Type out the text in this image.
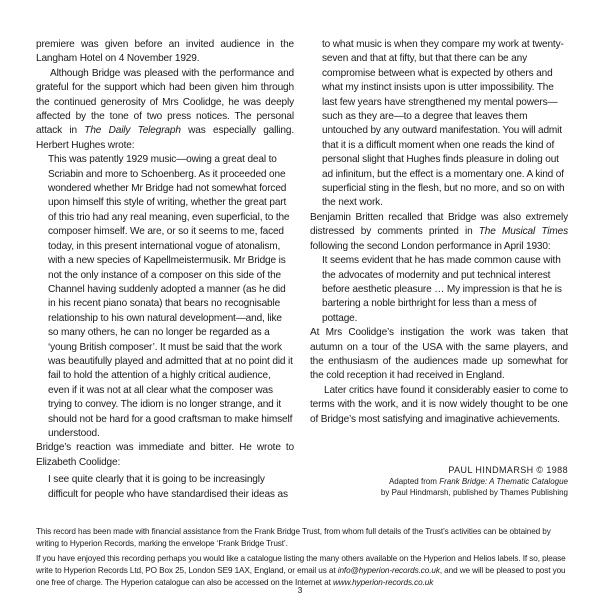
premiere was given before an invited audience in the Langham Hotel on 4 November 1929.

Although Bridge was pleased with the performance and grateful for the support which had been given him through the continued generosity of Mrs Coolidge, he was deeply affected by the tone of two press notices. The personal attack in The Daily Telegraph was especially galling. Herbert Hughes wrote:

This was patently 1929 music—owing a great deal to Scriabin and more to Schoenberg. As it proceeded one wondered whether Mr Bridge had not somewhat forced upon himself this style of writing, whether the great part of this trio had any real meaning, even superficial, to the composer himself. We are, or so it seems to me, faced today, in this present international vogue of atonalism, with a new species of Kapellmeistermusik. Mr Bridge is not the only instance of a composer on this side of the Channel having suddenly adopted a manner (as he did in his recent piano sonata) that bears no recognisable relationship to his own natural development—and, like so many others, he can no longer be regarded as a ‘young British composer’. It must be said that the work was beautifully played and admitted that at no point did it fail to hold the attention of a highly critical audience, even if it was not at all clear what the composer was trying to convey. The idiom is no longer strange, and it should not be hard for a good craftsman to make himself understood.

Bridge’s reaction was immediate and bitter. He wrote to Elizabeth Coolidge:

I see quite clearly that it is going to be increasingly difficult for people who have standardised their ideas as

to what music is when they compare my work at twenty-seven and that at fifty, but that there can be any compromise between what is expected by others and what my instinct insists upon is utter impossibility. The last few years have strengthened my mental powers—such as they are—to a degree that leaves them untouched by any outward manifestation. You will admit that it is a difficult moment when one reads the kind of personal slight that Hughes finds pleasure in doling out ad infinitum, but the effect is a momentary one. A kind of superficial sting in the flesh, but no more, and so on with the next work.

Benjamin Britten recalled that Bridge was also extremely distressed by comments printed in The Musical Times following the second London performance in April 1930:

It seems evident that he has made common cause with the advocates of modernity and put technical interest before aesthetic pleasure … My impression is that he is bartering a noble birthright for less than a mess of pottage.

At Mrs Coolidge’s instigation the work was taken that autumn on a tour of the USA with the same players, and the enthusiasm of the audiences made up somewhat for the cold reception it had received in England.

Later critics have found it considerably easier to come to terms with the work, and it is now widely thought to be one of Bridge’s most satisfying and imaginative achievements.

PAUL HINDMARSH © 1988
Adapted from Frank Bridge: A Thematic Catalogue
by Paul Hindmarsh, published by Thames Publishing
This record has been made with financial assistance from the Frank Bridge Trust, from whom full details of the Trust’s activities can be obtained by writing to Hyperion Records, marking the envelope ‘Frank Bridge Trust’.
If you have enjoyed this recording perhaps you would like a catalogue listing the many others available on the Hyperion and Helios labels. If so, please write to Hyperion Records Ltd, PO Box 25, London SE9 1AX, England, or email us at info@hyperion-records.co.uk, and we will be pleased to post you one free of charge. The Hyperion catalogue can also be accessed on the Internet at www.hyperion-records.co.uk
3
